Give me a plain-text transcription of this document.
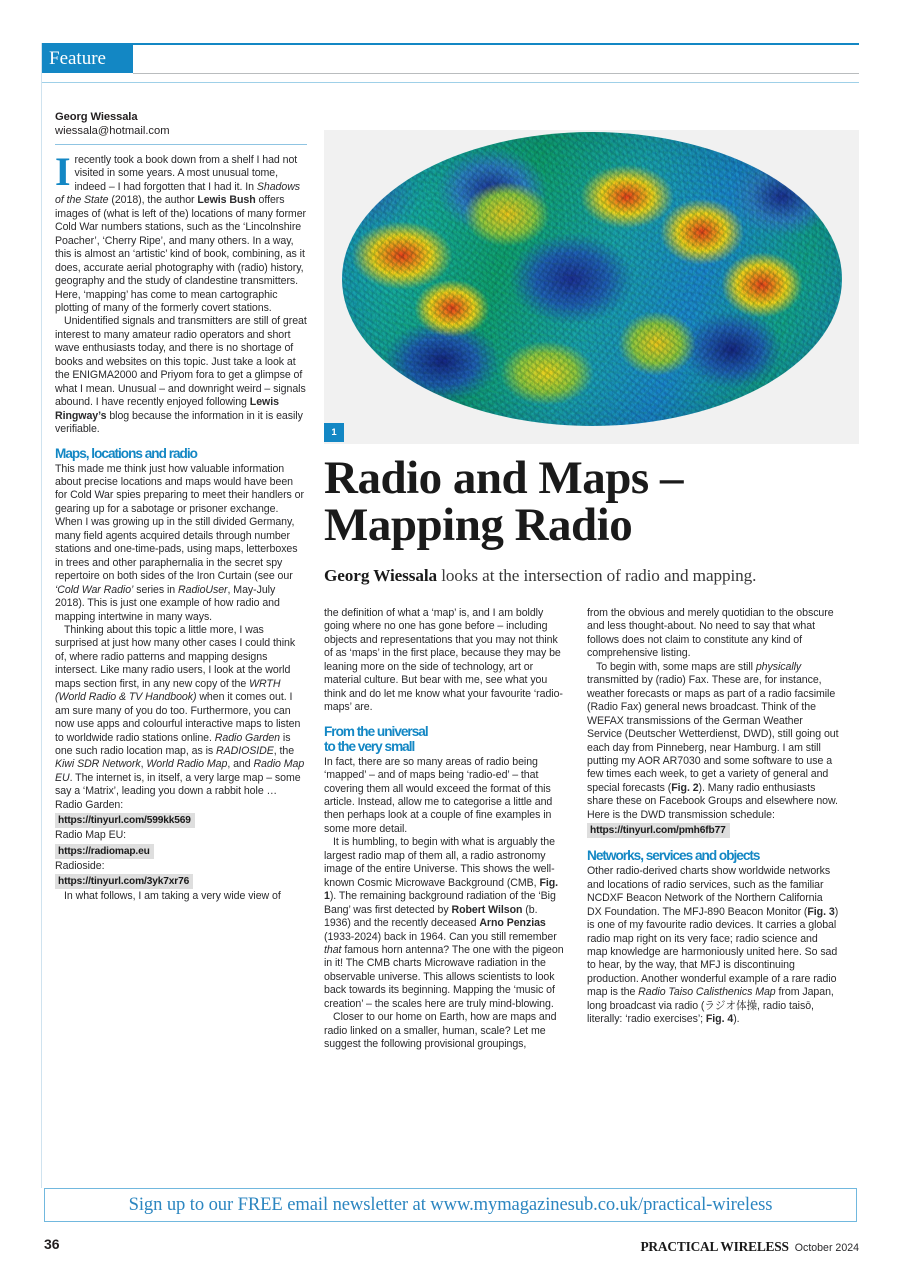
Feature
Georg Wiessala
wiessala@hotmail.com

Irecently took a book down from a shelf I had not visited in some years. A most unusual tome, indeed – I had forgotten that I had it. In Shadows of the State (2018), the author Lewis Bush offers images of (what is left of the) locations of many former Cold War numbers stations, such as the ‘Lincolnshire Poacher’, ‘Cherry Ripe’, and many others. In a way, this is almost an ‘artistic’ kind of book, combining, as it does, accurate aerial photography with (radio) history, geography and the study of clandestine transmitters. Here, ‘mapping’ has come to mean cartographic plotting of many of the formerly covert stations.

Unidentified signals and transmitters are still of great interest to many amateur radio operators and short wave enthusiasts today, and there is no shortage of books and websites on this topic. Just take a look at the ENIGMA2000 and Priyom fora to get a glimpse of what I mean. Unusual – and downright weird – signals abound. I have recently enjoyed following Lewis Ringway’s blog because the information in it is easily verifiable.

Maps, locations and radio

This made me think just how valuable information about precise locations and maps would have been for Cold War spies preparing to meet their handlers or gearing up for a sabotage or prisoner exchange. When I was growing up in the still divided Germany, many field agents acquired details through number stations and one-time-pads, using maps, letterboxes in trees and other paraphernalia in the secret spy repertoire on both sides of the Iron Curtain (see our ‘Cold War Radio’ series in RadioUser, May-July 2018). This is just one example of how radio and mapping intertwine in many ways.

Thinking about this topic a little more, I was surprised at just how many other cases I could think of, where radio patterns and mapping designs intersect. Like many radio users, I look at the world maps section first, in any new copy of the WRTH (World Radio & TV Handbook) when it comes out. I am sure many of you do too. Furthermore, you can now use apps and colourful interactive maps to listen to worldwide radio stations online. Radio Garden is one such radio location map, as is RADIOSIDE, the Kiwi SDR Network, World Radio Map, and Radio Map EU. The internet is, in itself, a very large map – some say a ‘Matrix’, leading you down a rabbit hole …

Radio Garden:

https://tinyurl.com/599kk569

Radio Map EU:

https://radiomap.eu

Radioside:

https://tinyurl.com/3yk7xr76

In what follows, I am taking a very wide view of

1
Radio and Maps –
Mapping Radio
Georg Wiessala looks at the intersection of radio and mapping.

the definition of what a ‘map’ is, and I am boldly going where no one has gone before – including objects and representations that you may not think of as ‘maps’ in the first place, because they may be leaning more on the side of technology, art or material culture. But bear with me, see what you think and do let me know what your favourite ‘radio-maps’ are.

From the universal
to the very small

In fact, there are so many areas of radio being ‘mapped’ – and of maps being ‘radio-ed’ – that covering them all would exceed the format of this article. Instead, allow me to categorise a little and then perhaps look at a couple of fine examples in some more detail.

It is humbling, to begin with what is arguably the largest radio map of them all, a radio astronomy image of the entire Universe. This shows the well-known Cosmic Microwave Background (CMB, Fig. 1). The remaining background radiation of the ‘Big Bang’ was first detected by Robert Wilson (b. 1936) and the recently deceased Arno Penzias (1933-2024) back in 1964. Can you still remember that famous horn antenna? The one with the pigeon in it! The CMB charts Microwave radiation in the observable universe. This allows scientists to look back towards its beginning. Mapping the ‘music of creation’ – the scales here are truly mind-blowing.

Closer to our home on Earth, how are maps and radio linked on a smaller, human, scale? Let me suggest the following provisional groupings,

from the obvious and merely quotidian to the obscure and less thought-about. No need to say that what follows does not claim to constitute any kind of comprehensive listing.

To begin with, some maps are still physically transmitted by (radio) Fax. These are, for instance, weather forecasts or maps as part of a radio facsimile (Radio Fax) general news broadcast. Think of the WEFAX transmissions of the German Weather Service (Deutscher Wetterdienst, DWD), still going out each day from Pinneberg, near Hamburg. I am still putting my AOR AR7030 and some software to use a few times each week, to get a variety of general and special forecasts (Fig. 2). Many radio enthusiasts share these on Facebook Groups and elsewhere now. Here is the DWD transmission schedule:

https://tinyurl.com/pmh6fb77

Networks, services and objects

Other radio-derived charts show worldwide networks and locations of radio services, such as the familiar NCDXF Beacon Network of the Northern California DX Foundation. The MFJ-890 Beacon Monitor (Fig. 3) is one of my favourite radio devices. It carries a global radio map right on its very face; radio science and map knowledge are harmoniously united here. So sad to hear, by the way, that MFJ is discontinuing production. Another wonderful example of a rare radio map is the Radio Taiso Calisthenics Map from Japan, long broadcast via radio (ラジオ体操, radio taisō, literally: ‘radio exercises’; Fig. 4).

Sign up to our FREE email newsletter at www.mymagazinesub.co.uk/practical-wireless
36	PRACTICAL WIRELESS October 2024
